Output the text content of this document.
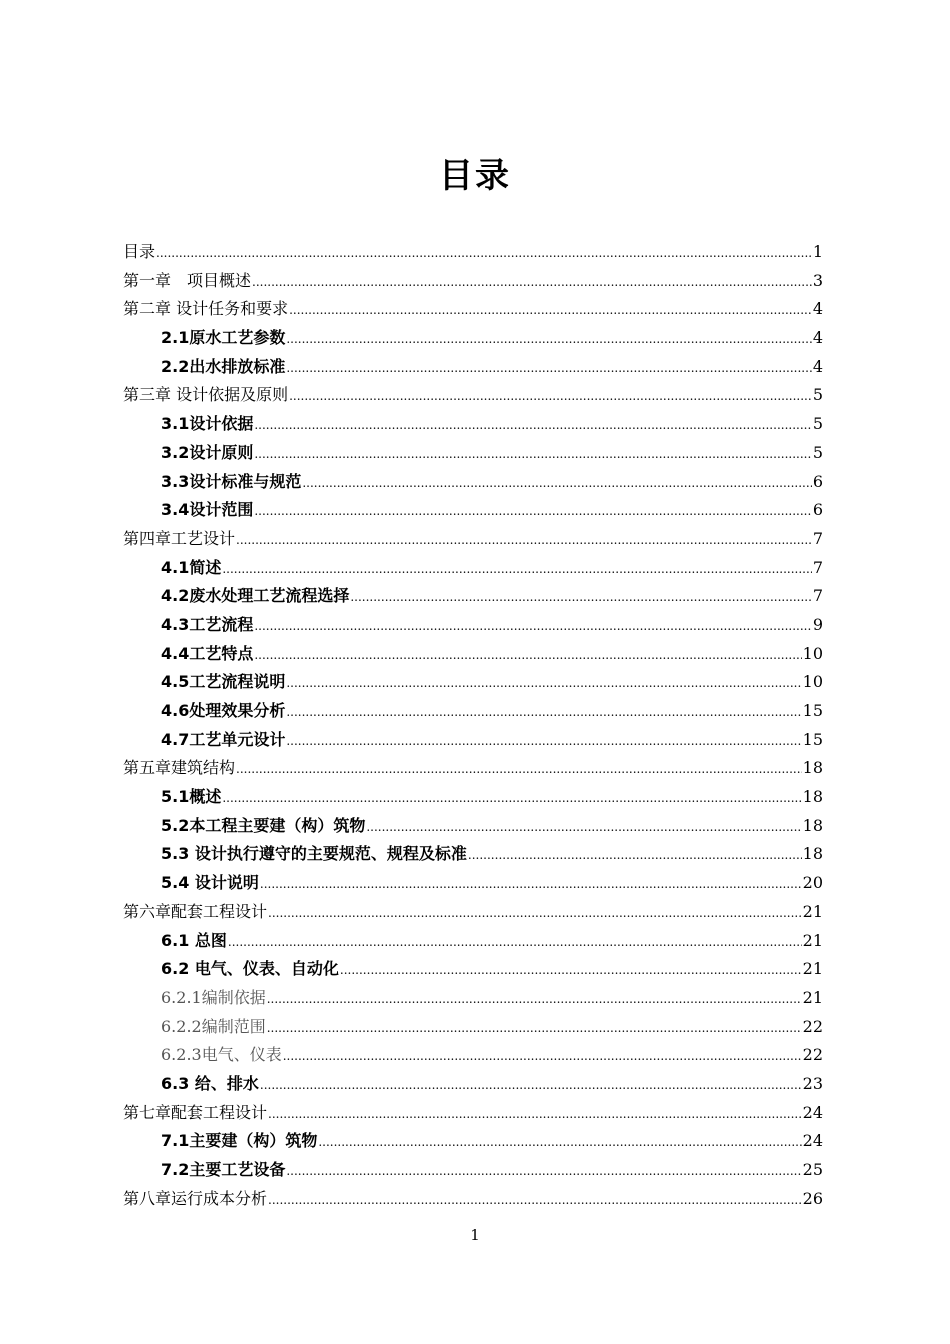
目录
目录 .....	1
第一章　项目概述 .....	3
第二章 设计任务和要求 .....	4
2.1原水工艺参数 .....	4
2.2出水排放标准 .....	4
第三章 设计依据及原则 .....	5
3.1设计依据 .....	5
3.2设计原则 .....	5
3.3设计标准与规范 .....	6
3.4设计范围 .....	6
第四章工艺设计 .....	7
4.1简述 .....	7
4.2废水处理工艺流程选择 .....	7
4.3工艺流程 .....	9
4.4工艺特点 .....	10
4.5工艺流程说明 .....	10
4.6处理效果分析 .....	15
4.7工艺单元设计 .....	15
第五章建筑结构 .....	18
5.1概述 .....	18
5.2本工程主要建（构）筑物 .....	18
5.3 设计执行遵守的主要规范、规程及标准 .....	18
5.4 设计说明 .....	20
第六章配套工程设计 .....	21
6.1 总图 .....	21
6.2 电气、仪表、自动化 .....	21
6.2.1编制依据 .....	21
6.2.2编制范围 .....	22
6.2.3电气、仪表 .....	22
6.3 给、排水 .....	23
第七章配套工程设计 .....	24
7.1主要建（构）筑物 .....	24
7.2主要工艺设备 .....	25
第八章运行成本分析 .....	26
1
